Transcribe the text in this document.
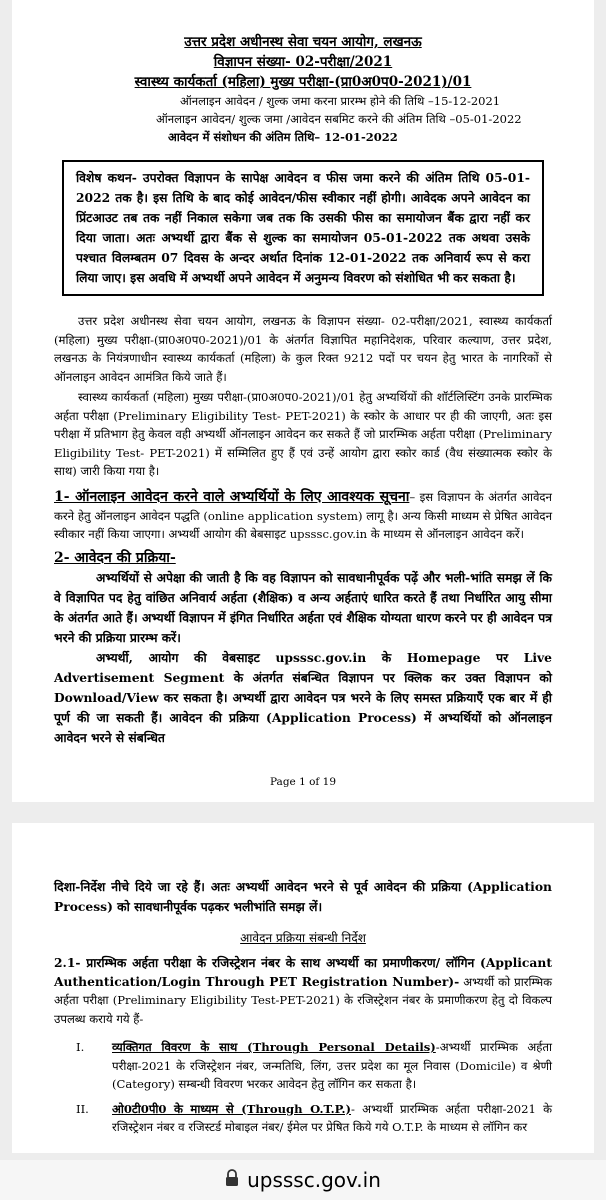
उत्तर प्रदेश अधीनस्थ सेवा चयन आयोग, लखनऊ
विज्ञापन संख्या- 02-परीक्षा/2021
स्वास्थ्य कार्यकर्ता (महिला) मुख्य परीक्षा-(प्रा0अ0प0-2021)/01
ऑनलाइन आवेदन / शुल्क जमा करना प्रारम्भ होने की तिथि –15-12-2021
ऑनलाइन आवेदन/ शुल्क जमा /आवेदन सबमिट करने की अंतिम तिथि –05-01-2022
आवेदन में संशोधन की अंतिम तिथि– 12-01-2022
विशेष कथन- उपरोक्त विज्ञापन के सापेक्ष आवेदन व फीस जमा करने की अंतिम तिथि 05-01-2022 तक है। इस तिथि के बाद कोई आवेदन/फीस स्वीकार नहीं होगी। आवेदक अपने आवेदन का प्रिंटआउट तब तक नहीं निकाल सकेगा जब तक कि उसकी फीस का समायोजन बैंक द्वारा नहीं कर दिया जाता। अतः अभ्यर्थी द्वारा बैंक से शुल्क का समायोजन 05-01-2022 तक अथवा उसके पश्चात विलम्बतम 07 दिवस के अन्दर अर्थात दिनांक 12-01-2022 तक अनिवार्य रूप से करा लिया जाए। इस अवधि में अभ्यर्थी अपने आवेदन में अनुमन्य विवरण को संशोधित भी कर सकता है।

उत्तर प्रदेश अधीनस्थ सेवा चयन आयोग, लखनऊ के विज्ञापन संख्या- 02-परीक्षा/2021, स्वास्थ्य कार्यकर्ता (महिला) मुख्य परीक्षा-(प्रा0अ0प0-2021)/01 के अंतर्गत विज्ञापित महानिदेशक, परिवार कल्याण, उत्तर प्रदेश, लखनऊ के नियंत्रणाधीन स्वास्थ्य कार्यकर्ता (महिला) के कुल रिक्त 9212 पदों पर चयन हेतु भारत के नागरिकों से ऑनलाइन आवेदन आमंत्रित किये जाते हैं।

स्वास्थ्य कार्यकर्ता (महिला) मुख्य परीक्षा-(प्रा0अ0प0-2021)/01 हेतु अभ्यर्थियों की शॉर्टलिस्टिंग उनके प्रारम्भिक अर्हता परीक्षा (Preliminary Eligibility Test- PET-2021) के स्कोर के आधार पर ही की जाएगी, अतः इस परीक्षा में प्रतिभाग हेतु केवल वही अभ्यर्थी ऑनलाइन आवेदन कर सकते हैं जो प्रारम्भिक अर्हता परीक्षा (Preliminary Eligibility Test- PET-2021) में सम्मिलित हुए हैं एवं उन्हें आयोग द्वारा स्कोर कार्ड (वैध संख्यात्मक स्कोर के साथ) जारी किया गया है।

1- ऑनलाइन आवेदन करने वाले अभ्यर्थियों के लिए आवश्यक सूचना– इस विज्ञापन के अंतर्गत आवेदन करने हेतु ऑनलाइन आवेदन पद्धति (online application system) लागू है। अन्य किसी माध्यम से प्रेषित आवेदन स्वीकार नहीं किया जाएगा। अभ्यर्थी आयोग की बेबसाइट upsssc.gov.in के माध्यम से ऑनलाइन आवेदन करें।
2- आवेदन की प्रक्रिया-

अभ्यर्थियों से अपेक्षा की जाती है कि वह विज्ञापन को सावधानीपूर्वक पढ़ें और भली-भांति समझ लें कि वे विज्ञापित पद हेतु वांछित अनिवार्य अर्हता (शैक्षिक) व अन्य अर्हताएं धारित करते हैं तथा निर्धारित आयु सीमा के अंतर्गत आते हैं। अभ्यर्थी विज्ञापन में इंगित निर्धारित अर्हता एवं शैक्षिक योग्यता धारण करने पर ही आवेदन पत्र भरने की प्रक्रिया प्रारम्भ करें।

अभ्यर्थी, आयोग की वेबसाइट upsssc.gov.in के Homepage पर Live Advertisement Segment के अंतर्गत संबन्धित विज्ञापन पर क्लिक कर उक्त विज्ञापन को Download/View कर सकता है। अभ्यर्थी द्वारा आवेदन पत्र भरने के लिए समस्त प्रक्रियाएँ एक बार में ही पूर्ण की जा सकती हैं। आवेदन की प्रक्रिया (Application Process) में अभ्यर्थियों को ऑनलाइन आवेदन भरने से संबन्धित

Page 1 of 19

दिशा-निर्देश नीचे दिये जा रहे हैं। अतः अभ्यर्थी आवेदन भरने से पूर्व आवेदन की प्रक्रिया (Application Process) को सावधानीपूर्वक पढ़कर भलीभांति समझ लें।

आवेदन प्रक्रिया संबन्धी निर्देश
2.1- प्रारम्भिक अर्हता परीक्षा के रजिस्ट्रेशन नंबर के साथ अभ्यर्थी का प्रमाणीकरण/ लॉगिन (Applicant Authentication/Login Through PET Registration Number)- अभ्यर्थी को प्रारम्भिक अर्हता परीक्षा (Preliminary Eligibility Test-PET-2021) के रजिस्ट्रेशन नंबर के प्रमाणीकरण हेतु दो विकल्प उपलब्ध कराये गये हैं-
I.	व्यक्तिगत विवरण के साथ (Through Personal Details)-अभ्यर्थी प्रारम्भिक अर्हता परीक्षा-2021 के रजिस्ट्रेशन नंबर, जन्मतिथि, लिंग, उत्तर प्रदेश का मूल निवास (Domicile) व श्रेणी (Category) सम्बन्धी विवरण भरकर आवेदन हेतु लॉगिन कर सकता है।
II.	ओ0टी0पी0 के माध्यम से (Through O.T.P.)- अभ्यर्थी प्रारम्भिक अर्हता परीक्षा-2021 के रजिस्ट्रेशन नंबर व रजिस्टर्ड मोबाइल नंबर/ ईमेल पर प्रेषित किये गये O.T.P. के माध्यम से लॉगिन कर
upsssc.gov.in
